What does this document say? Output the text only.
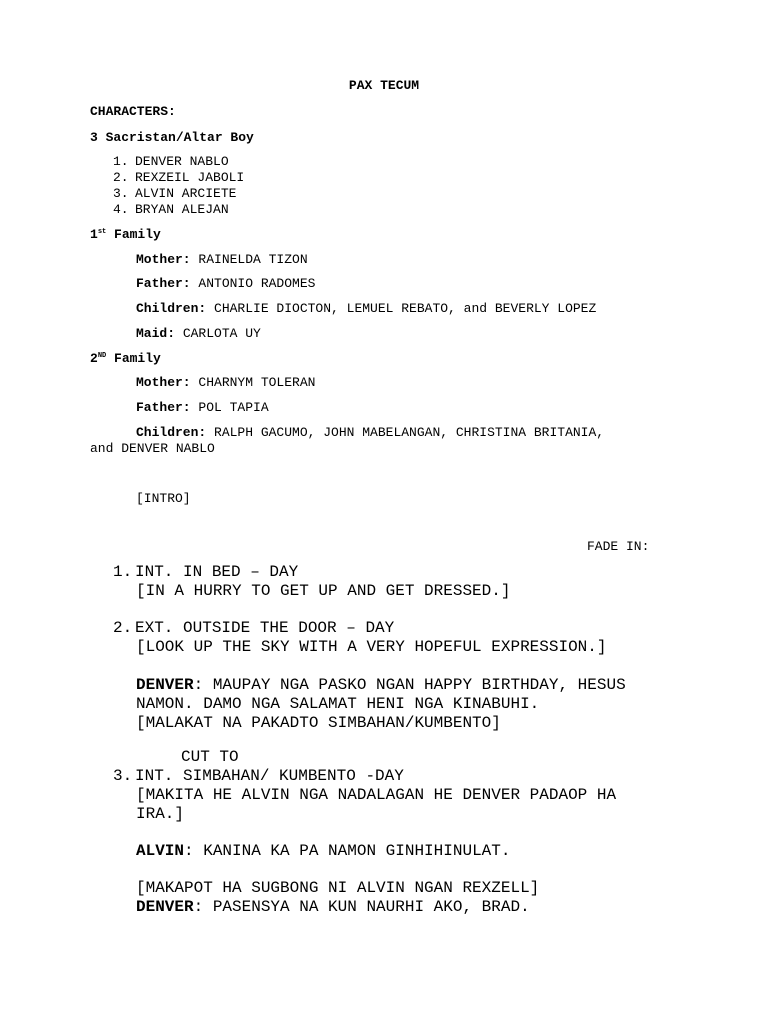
PAX TECUM
CHARACTERS:
3 Sacristan/Altar Boy
1. DENVER NABLO
2. REXZEIL JABOLI
3. ALVIN ARCIETE
4. BRYAN ALEJAN
1st Family
Mother: RAINELDA TIZON
Father: ANTONIO RADOMES
Children: CHARLIE DIOCTON, LEMUEL REBATO, and BEVERLY LOPEZ
Maid: CARLOTA UY
2ND Family
Mother: CHARNYM TOLERAN
Father: POL TAPIA
Children: RALPH GACUMO, JOHN MABELANGAN, CHRISTINA BRITANIA,
and DENVER NABLO
[INTRO]
FADE IN:
1. INT. IN BED – DAY
[IN A HURRY TO GET UP AND GET DRESSED.]
2. EXT. OUTSIDE THE DOOR – DAY
[LOOK UP THE SKY WITH A VERY HOPEFUL EXPRESSION.]
DENVER: MAUPAY NGA PASKO NGAN HAPPY BIRTHDAY, HESUS
NAMON. DAMO NGA SALAMAT HENI NGA KINABUHI.
[MALAKAT NA PAKADTO SIMBAHAN/KUMBENTO]
CUT TO
3. INT. SIMBAHAN/ KUMBENTO -DAY
[MAKITA HE ALVIN NGA NADALAGAN HE DENVER PADAOP HA
IRA.]
ALVIN: KANINA KA PA NAMON GINHIHINULAT.
[MAKAPOT HA SUGBONG NI ALVIN NGAN REXZELL]
DENVER: PASENSYA NA KUN NAURHI AKO, BRAD.
